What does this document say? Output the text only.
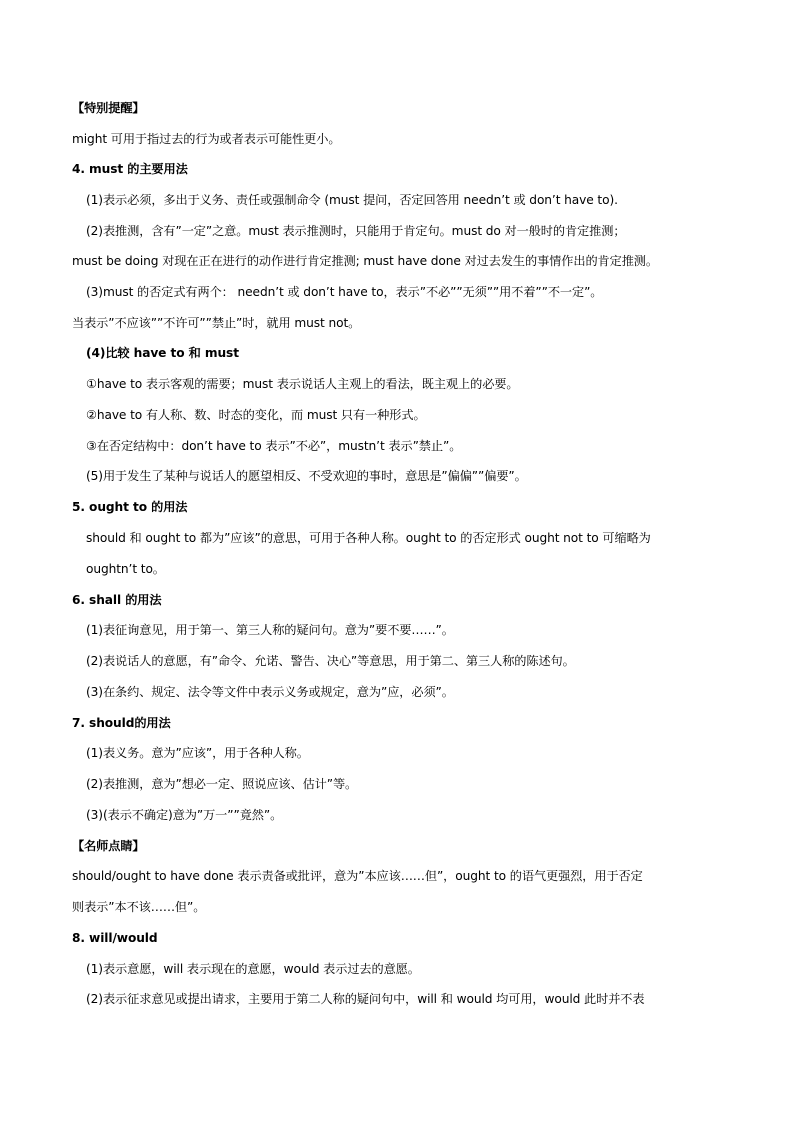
【特别提醒】
might 可用于指过去的行为或者表示可能性更小。
4. must 的主要用法
(1)表示必须，多出于义务、责任或强制命令 (must 提问，否定回答用 needn’t 或 don’t have to).
(2)表推测，含有”一定”之意。must 表示推测时，只能用于肯定句。must do 对一般时的肯定推测；
must be doing 对现在正在进行的动作进行肯定推测; must have done 对过去发生的事情作出的肯定推测。
(3)must 的否定式有两个： needn’t 或 don’t have to，表示”不必””无须””用不着””不一定”。
当表示”不应该””不许可””禁止”时，就用 must not。
(4)比较 have to 和 must
①have to 表示客观的需要；must 表示说话人主观上的看法，既主观上的必要。
②have to 有人称、数、时态的变化，而 must 只有一种形式。
③在否定结构中：don’t have to 表示”不必”，mustn’t 表示”禁止”。
(5)用于发生了某种与说话人的愿望相反、不受欢迎的事时，意思是”偏偏””偏要”。
5. ought to 的用法
should 和 ought to 都为”应该”的意思，可用于各种人称。ought to 的否定形式 ought not to 可缩略为
oughtn’t to。
6. shall 的用法
(1)表征询意见，用于第一、第三人称的疑问句。意为”要不要……”。
(2)表说话人的意愿，有”命令、允诺、警告、决心”等意思，用于第二、第三人称的陈述句。
(3)在条约、规定、法令等文件中表示义务或规定，意为”应，必须”。
7. should的用法
(1)表义务。意为”应该”，用于各种人称。
(2)表推测，意为”想必一定、照说应该、估计”等。
(3)(表示不确定)意为”万一””竟然”。
【名师点睛】
should/ought to have done 表示责备或批评，意为”本应该……但”，ought to 的语气更强烈，用于否定
则表示”本不该……但”。
8. will/would
(1)表示意愿，will 表示现在的意愿，would 表示过去的意愿。
(2)表示征求意见或提出请求，主要用于第二人称的疑问句中，will 和 would 均可用，would 此时并不表
